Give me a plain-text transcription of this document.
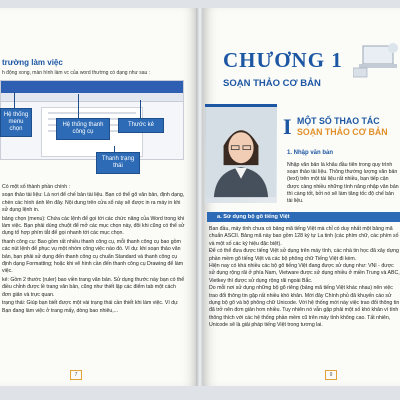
trường làm việc
h động xong, màn hình làm vc của word thường có dạng như sau :
Hệ thống menu chọn
Hệ thống thanh công cụ
Thước kẻ
Thanh trạng thái

Có một số thành phần chính :

soạn thảo tài liệu: Là nơi để chế bản tài liệu. Bạn có thể gõ văn bản, định dạng, chèn các hình ảnh lên đây. Nội dung trên cửa sổ này sẽ được in ra máy in khi sử dụng lệnh in.

bảng chọn (menu): Chứa các lệnh để gọi tới các chức năng của Word trong khi làm việc. Bạn phải dùng chuột để mở các mục chọn này, đôi khi cũng có thể sử dụng tổ hợp phím tắt để gọi nhanh tới các mục chọn.

thanh công cụ: Bao gồm rất nhiều thanh công cụ, mỗi thanh công cụ bao gồm các nút lệnh để phục vụ một nhóm công việc nào đó. Ví dụ: khi soạn thảo văn bản, bạn phải sử dụng đến thanh công cụ chuẩn Standard và thanh công cụ định dạng Formatting; hoặc khi vẽ hình cần đến thanh công cụ Drawing để làm việc.

kẻ: Gồm 2 thước (ruler) bao viền trang văn bản. Sử dụng thước này bạn có thể điều chỉnh được lề trang văn bản, cũng như thiết lập các điểm tab một cách đơn giản và trực quan.

trạng thái: Giúp bạn biết được một vài trạng thái cần thiết khi làm việc. Ví dụ: Bạn đang làm việc ở trang mấy, dòng bao nhiêu,...

7
CHƯƠNG 1
SOẠN THẢO CƠ BẢN
I MỘT SỐ THAO TÁC
SOẠN THẢO CƠ BẢN
1. Nhập văn bản
Nhập văn bản là khâu đầu tiên trong quy trình soạn thảo tài liệu. Thông thường lượng văn bản (text) trên một tài liệu rất nhiều, bạn tiếp cận được càng nhiều những tính năng nhập văn bản thì càng tốt, bởi nó sẽ làm tăng tốc độ chế bản tài liệu.
a. Sử dụng bộ gõ tiếng Việt

Ban đầu, máy tính chưa có bảng mã tiếng Việt mà chỉ có duy nhất một bảng mã chuẩn ASCII. Bảng mã này bao gồm 128 ký tự La tinh (các phím chữ, các phím số và một số các ký hiệu đặc biệt).

Để có thể đưa được tiếng Việt sử dụng trên máy tính, các nhà tin học đã xây dựng phần mềm gõ tiếng Việt và các bộ phông chữ Tiếng Việt đi kèm.

Hiện nay có khá nhiều các bộ gõ tiếng Việt đang được sử dụng như: VNI - được sử dụng rộng rãi ở phía Nam, Vietware được sử dụng nhiều ở miền Trung và ABC, Vietkey thì được sử dụng rộng rãi ngoài Bắc.

Do mỗi nơi sử dụng những bộ gõ riêng (bảng mã tiếng Việt khác nhau) nên việc trao đổi thông tin gặp rất nhiều khó khăn. Mới đây Chính phủ đã khuyến cáo sử dụng bộ gõ và bộ phông chữ Unicode. Với hệ thống mới này việc trao đổi thông tin đã trở nên đơn giản hơn nhiều. Tuy nhiên nó vẫn gặp phải một số khó khăn vì tính thông thích với các hệ thống phần mềm cũ trên máy tính không cao. Tất nhiên, Unicode sẽ là giải pháp tiếng Việt trong tương lai.

9
